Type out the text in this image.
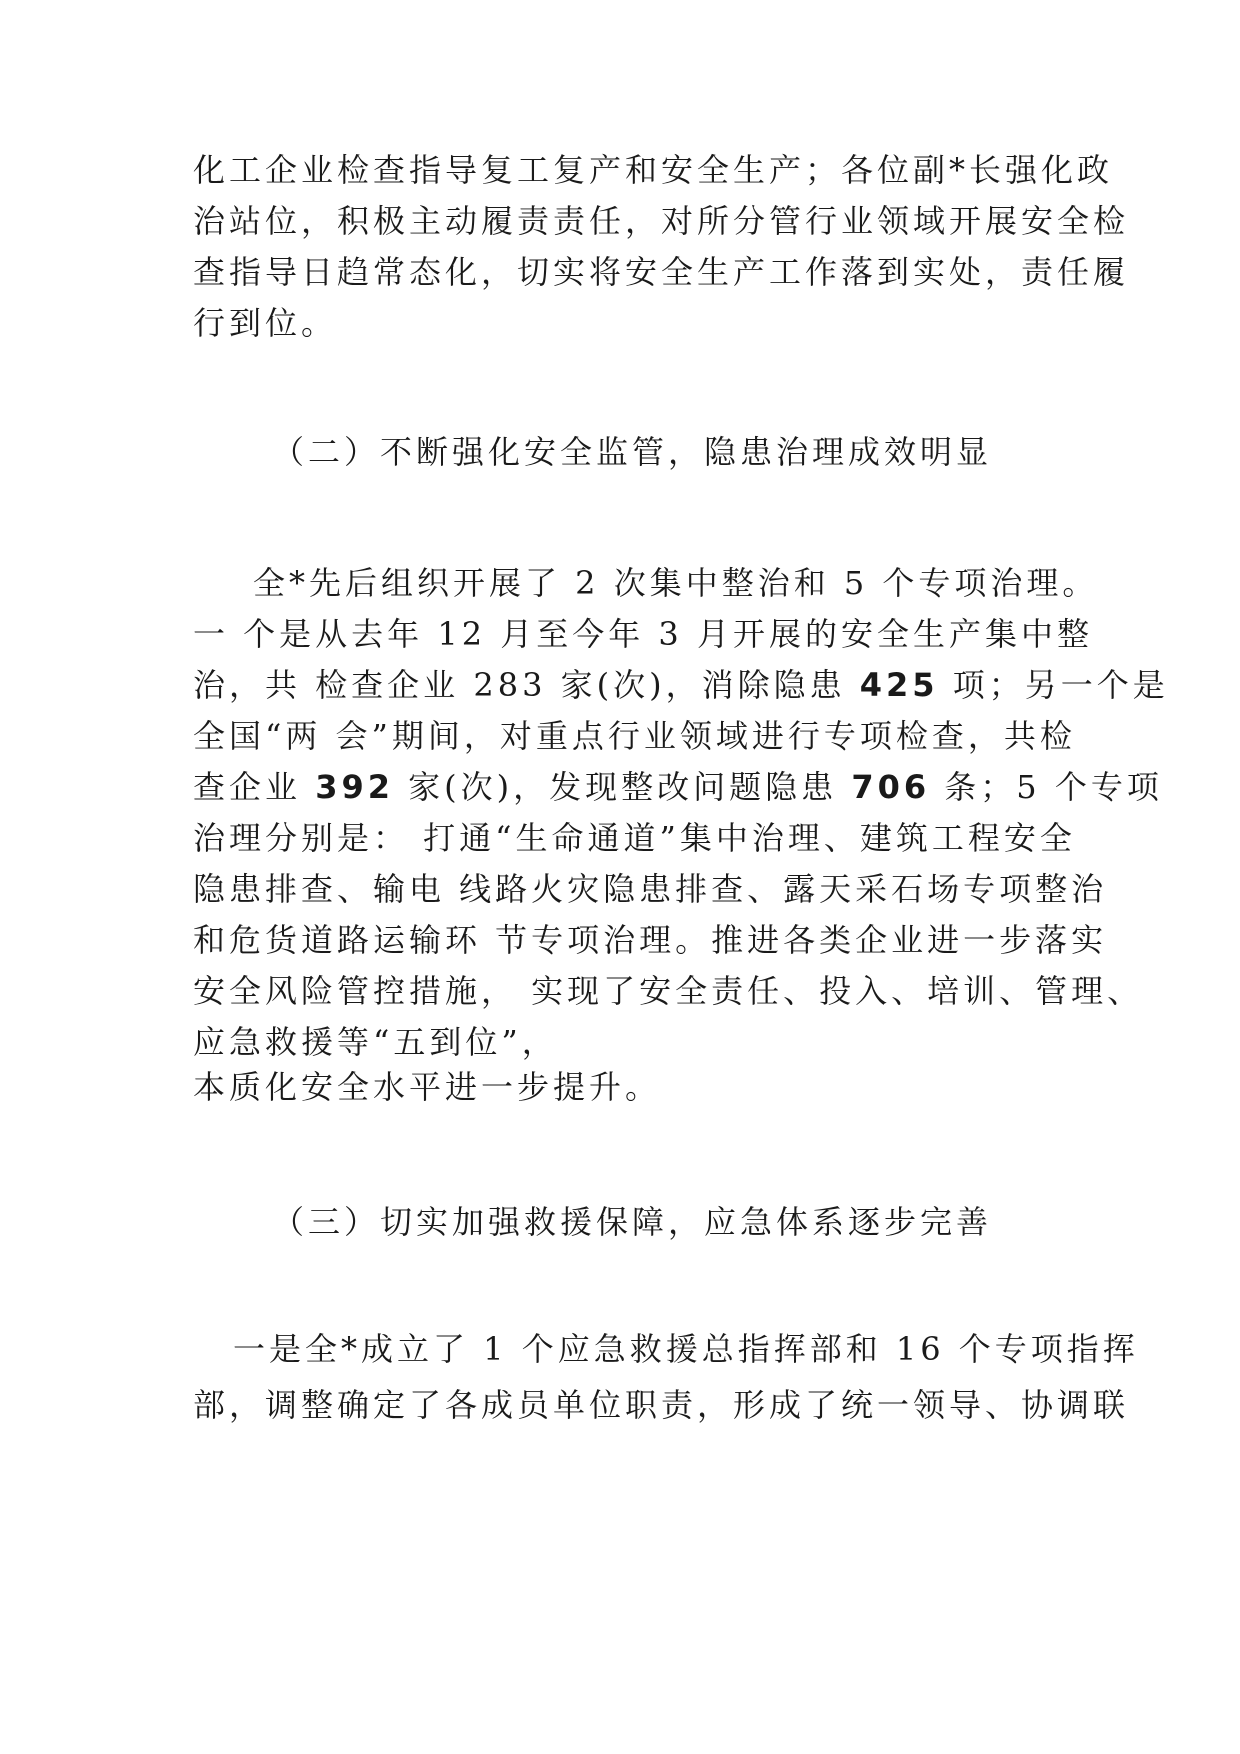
化工企业检查指导复工复产和安全生产；各位副*长强化政
治站位，积极主动履责责任，对所分管行业领域开展安全检
查指导日趋常态化，切实将安全生产工作落到实处，责任履
行到位。
（二）不断强化安全监管，隐患治理成效明显
全*先后组织开展了 2 次集中整治和 5 个专项治理。
一 个是从去年 12 月至今年 3 月开展的安全生产集中整
治，共 检查企业 283 家(次)，消除隐患 425 项；另一个是
全国“两 会”期间，对重点行业领域进行专项检查，共检
查企业 392 家(次)，发现整改问题隐患 706 条；5 个专项
治理分别是： 打通“生命通道”集中治理、建筑工程安全
隐患排查、输电 线路火灾隐患排查、露天采石场专项整治
和危货道路运输环 节专项治理。推进各类企业进一步落实
安全风险管控措施， 实现了安全责任、投入、培训、管理、
应急救援等“五到位”，
本质化安全水平进一步提升。
（三）切实加强救援保障，应急体系逐步完善
一是全*成立了 1 个应急救援总指挥部和 16 个专项指挥
部，调整确定了各成员单位职责，形成了统一领导、协调联
